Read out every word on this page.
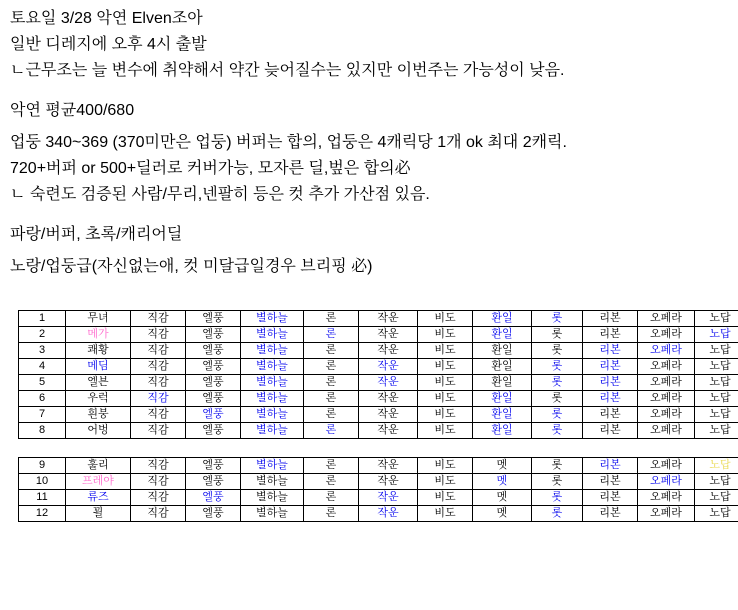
토요일 3/28 악연 Elven조아
일반 디레지에 오후 4시 출발
ㄴ근무조는 늘 변수에 취약해서 약간 늦어질수는 있지만 이번주는 가능성이 낮음.
악연 평균400/680
업둥 340~369 (370미만은 업둥) 버퍼는 합의, 업둥은 4캐릭당 1개 ok 최대 2캐릭.
720+버퍼 or 500+딜러로 커버가능, 모자른 딜,벞은 합의必
ㄴ 숙련도 검증된 사람/무리,넨팔히 등은 컷 추가 가산점 있음.
파랑/버퍼, 초록/캐리어딜
노랑/업둥급(자신없는애, 컷 미달급일경우 브리핑 必)
1	무녀	직감	엘풍	별하늘	론	작운	비도	환일	롯	리본	오페라	노답
2	메가	직감	엘풍	별하늘	론	작운	비도	환일	롯	리본	오페라	노답
3	쾌황	직감	엘풍	별하늘	론	작운	비도	환일	롯	리본	오페라	노답
4	메딤	직감	엘풍	별하늘	론	작운	비도	환일	롯	리본	오페라	노답
5	엘븐	직감	엘풍	별하늘	론	작운	비도	환일	롯	리본	오페라	노답
6	우럭	직감	엘풍	별하늘	론	작운	비도	환일	롯	리본	오페라	노답
7	흰붕	직감	엘풍	별하늘	론	작운	비도	환일	롯	리본	오페라	노답
8	어벙	직감	엘풍	별하늘	론	작운	비도	환일	롯	리본	오페라	노답
9	훌리	직감	엘풍	별하늘	론	작운	비도	멧	롯	리본	오페라	노답
10	프레야	직감	엘풍	별하늘	론	작운	비도	멧	롯	리본	오페라	노답
11	류즈	직감	엘풍	별하늘	론	작운	비도	멧	롯	리본	오페라	노답
12	꾈	직감	엘풍	별하늘	론	작운	비도	멧	롯	리본	오페라	노답
